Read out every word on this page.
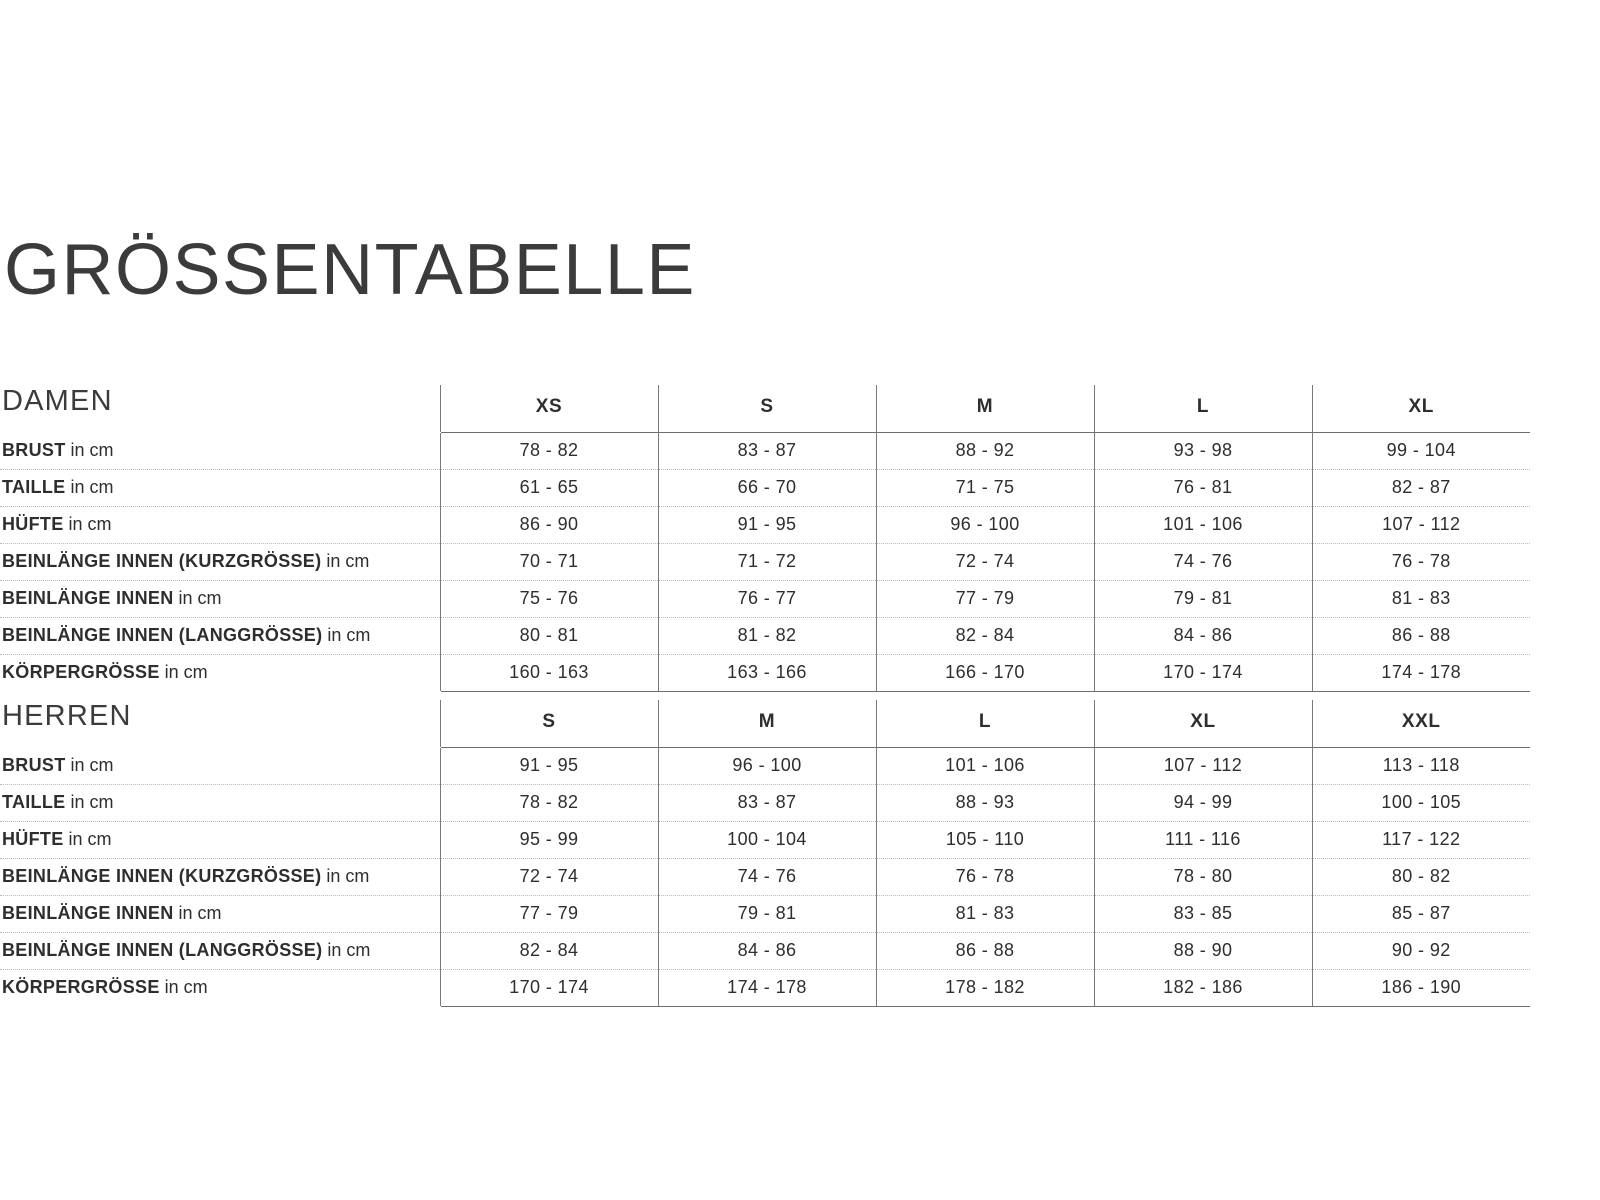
GRÖSSENTABELLE
DAMEN	XS	S	M	L	XL
BRUST in cm	78 - 82	83 - 87	88 - 92	93 - 98	99 - 104
TAILLE in cm	61 - 65	66 - 70	71 - 75	76 - 81	82 - 87
HÜFTE in cm	86 - 90	91 - 95	96 - 100	101 - 106	107 - 112
BEINLÄNGE INNEN (KURZGRÖSSE) in cm	70 - 71	71 - 72	72 - 74	74 - 76	76 - 78
BEINLÄNGE INNEN in cm	75 - 76	76 - 77	77 - 79	79 - 81	81 - 83
BEINLÄNGE INNEN (LANGGRÖSSE) in cm	80 - 81	81 - 82	82 - 84	84 - 86	86 - 88
KÖRPERGRÖSSE in cm	160 - 163	163 - 166	166 - 170	170 - 174	174 - 178
HERREN	S	M	L	XL	XXL
BRUST in cm	91 - 95	96 - 100	101 - 106	107 - 112	113 - 118
TAILLE in cm	78 - 82	83 - 87	88 - 93	94 - 99	100 - 105
HÜFTE in cm	95 - 99	100 - 104	105 - 110	111 - 116	117 - 122
BEINLÄNGE INNEN (KURZGRÖSSE) in cm	72 - 74	74 - 76	76 - 78	78 - 80	80 - 82
BEINLÄNGE INNEN in cm	77 - 79	79 - 81	81 - 83	83 - 85	85 - 87
BEINLÄNGE INNEN (LANGGRÖSSE) in cm	82 - 84	84 - 86	86 - 88	88 - 90	90 - 92
KÖRPERGRÖSSE in cm	170 - 174	174 - 178	178 - 182	182 - 186	186 - 190
